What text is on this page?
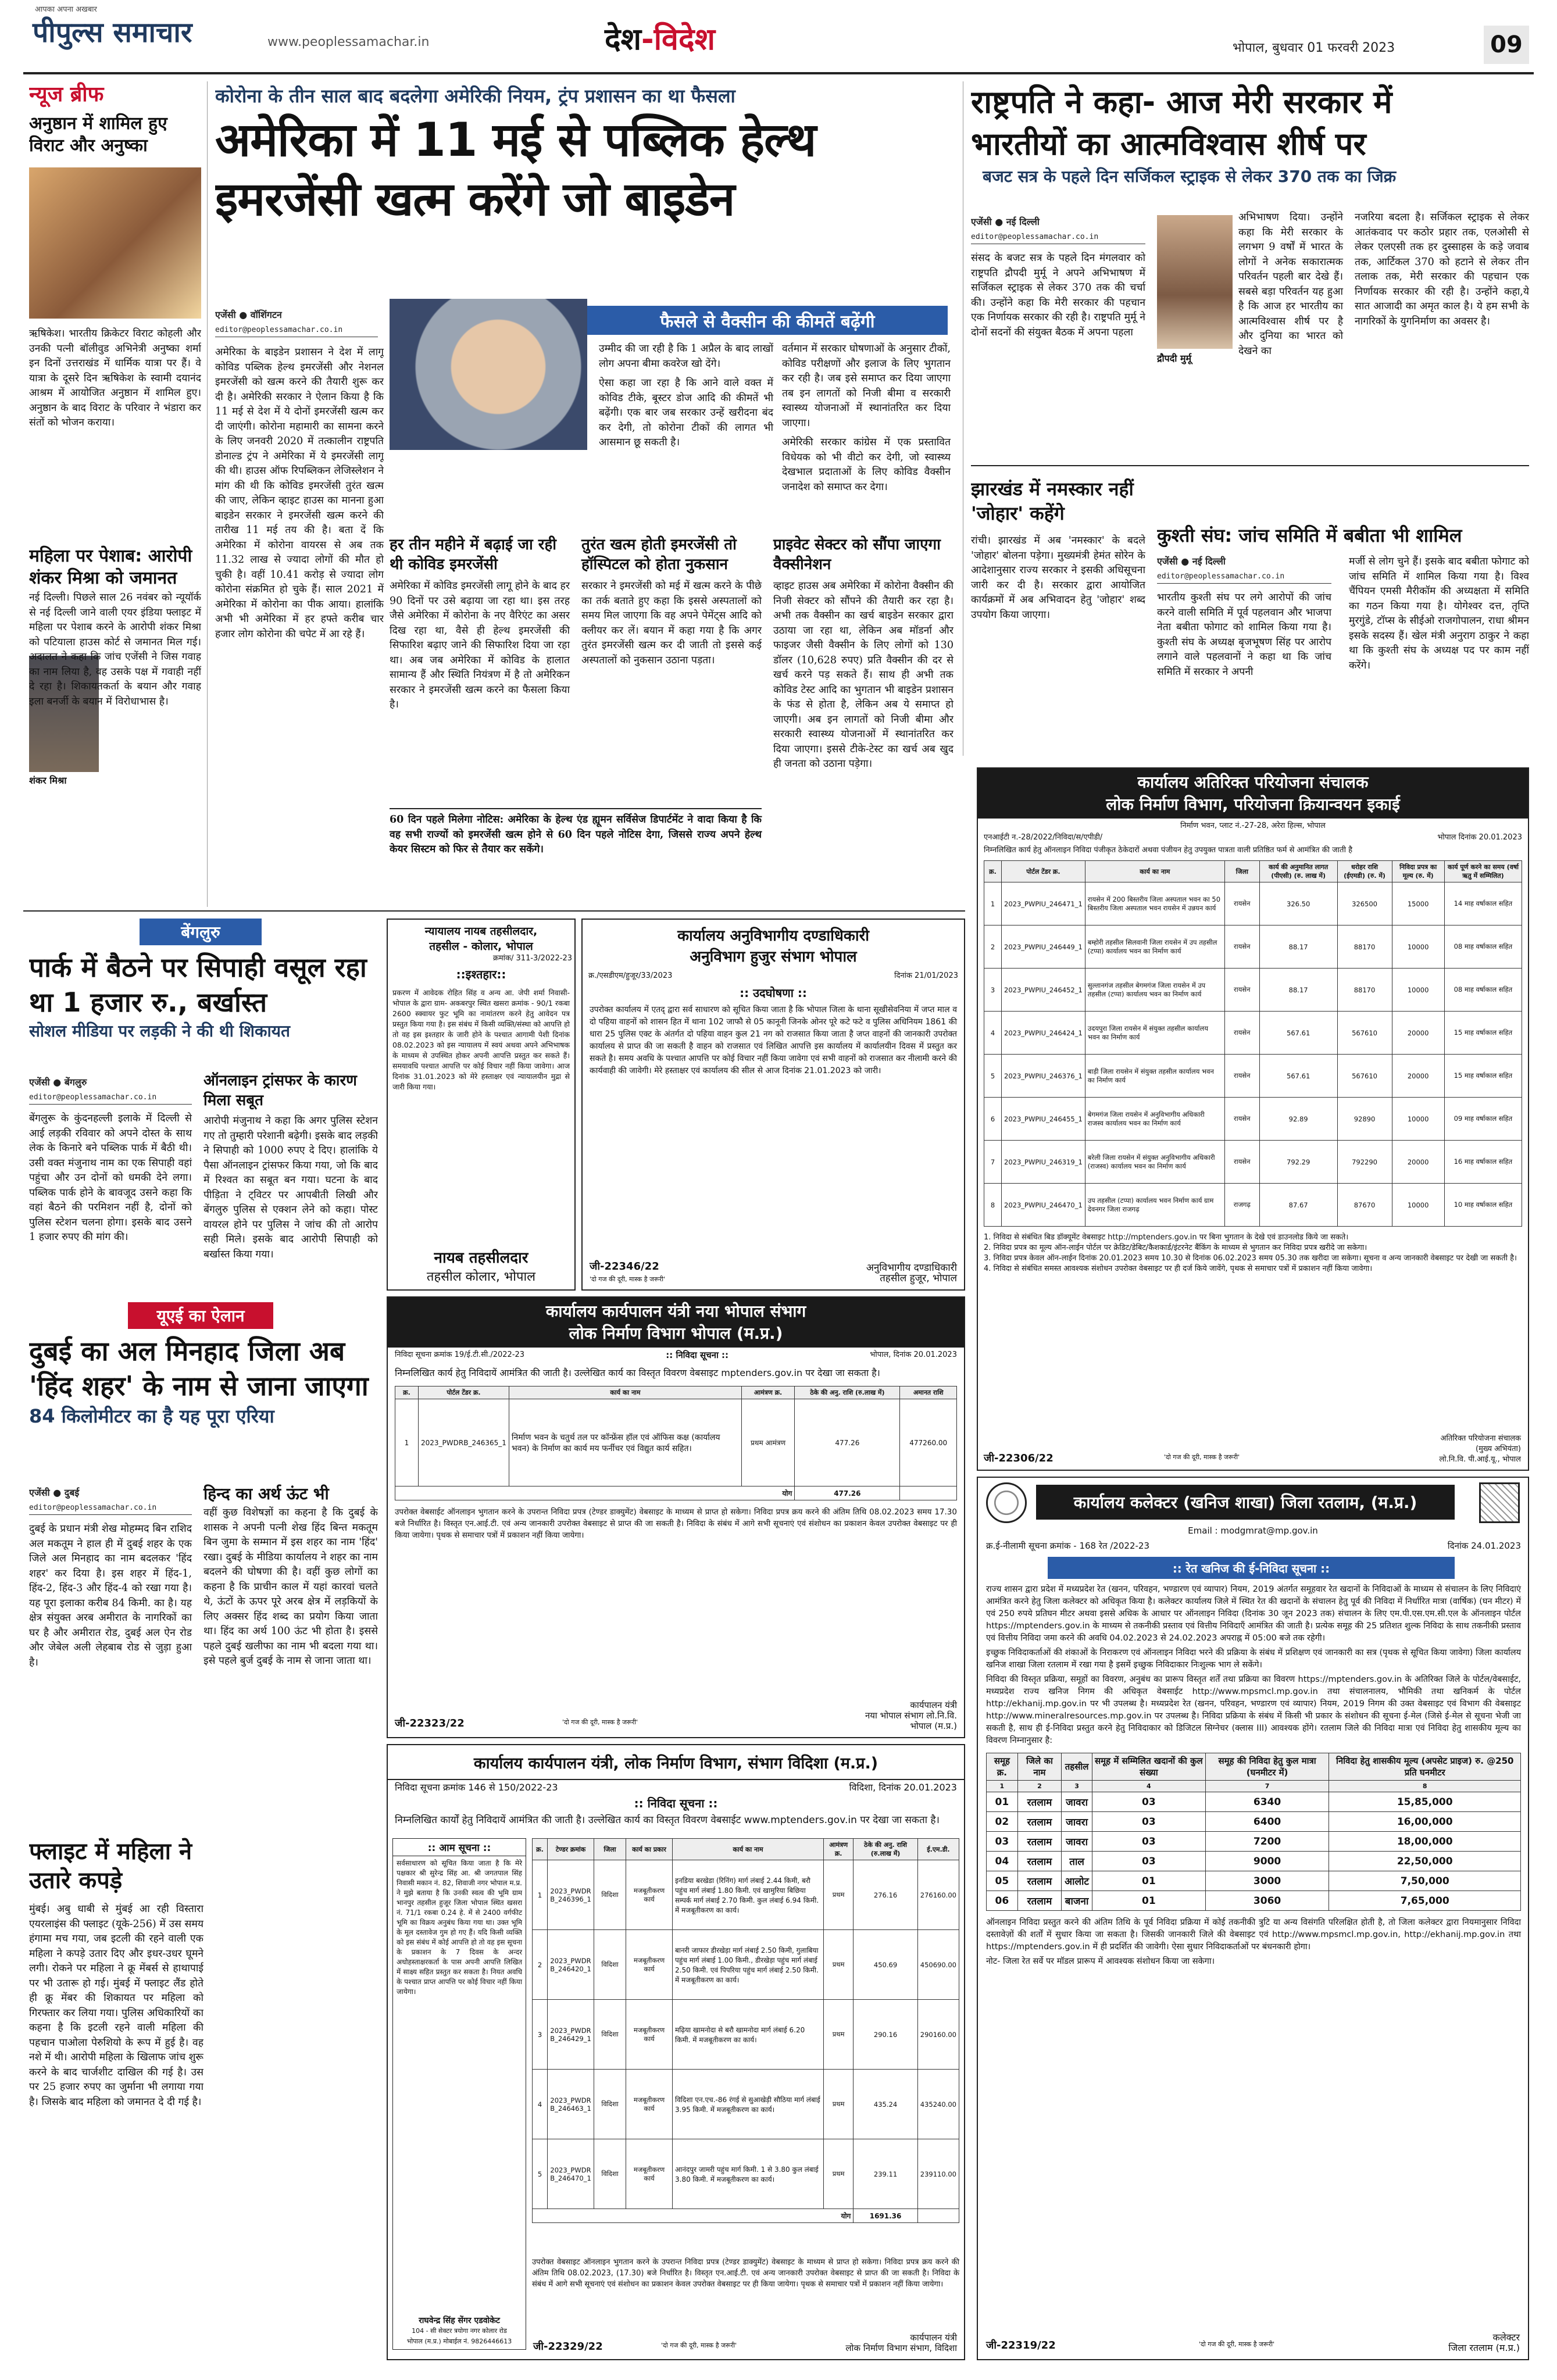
आपका अपना अखबार
पीपुल्स समाचार	www.peoplessamachar.in	देश-विदेश	भोपाल, बुधवार 01 फरवरी 2023	09
न्यूज ब्रीफ
अनुष्ठान में शामिल हुए विराट और अनुष्का

ऋषिकेश। भारतीय क्रिकेटर विराट कोहली और उनकी पत्नी बॉलीवुड अभिनेत्री अनुष्का शर्मा इन दिनों उत्तराखंड में धार्मिक यात्रा पर हैं। वे यात्रा के दूसरे दिन ऋषिकेश के स्वामी दयानंद आश्रम में आयोजित अनुष्ठान में शामिल हुए। अनुष्ठान के बाद विराट के परिवार ने भंडारा कर संतों को भोजन कराया।

महिला पर पेशाब: आरोपी शंकर मिश्रा को जमानत
शंकर मिश्रा

नई दिल्ली। पिछले साल 26 नवंबर को न्यूयॉर्क से नई दिल्ली जाने वाली एयर इंडिया फ्लाइट में महिला पर पेशाब करने के आरोपी शंकर मिश्रा को पटियाला हाउस कोर्ट से जमानत मिल गई। अदालत ने कहा कि जांच एजेंसी ने जिस गवाह का नाम लिया है, वह उसके पक्ष में गवाही नहीं दे रहा है। शिकायतकर्ता के बयान और गवाह इला बनर्जी के बयान में विरोधाभास है।

कोरोना के तीन साल बाद बदलेगा अमेरिकी नियम, ट्रंप प्रशासन का था फैसला
अमेरिका में 11 मई से पब्लिक हेल्थ
इमरजेंसी खत्म करेंगे जो बाइडेन
एजेंसी ● वॉशिंगटन
editor@peoplessamachar.co.in

अमेरिका के बाइडेन प्रशासन ने देश में लागू कोविड पब्लिक हेल्थ इमरजेंसी और नेशनल इमरजेंसी को खत्म करने की तैयारी शुरू कर दी है। अमेरिकी सरकार ने ऐलान किया है कि 11 मई से देश में ये दोनों इमरजेंसी खत्म कर दी जाएंगी। कोरोना महामारी का सामना करने के लिए जनवरी 2020 में तत्कालीन राष्ट्रपति डोनाल्ड ट्रंप ने अमेरिका में ये इमरजेंसी लागू की थी। हाउस ऑफ रिपब्लिकन लेजिस्लेशन ने मांग की थी कि कोविड इमरजेंसी तुरंत खत्म की जाए, लेकिन व्हाइट हाउस का मानना हुआ बाइडेन सरकार ने इमरजेंसी खत्म करने की तारीख 11 मई तय की है। बता दें कि अमेरिका में कोरोना वायरस से अब तक 11.32 लाख से ज्यादा लोगों की मौत हो चुकी है। वहीं 10.41 करोड़ से ज्यादा लोग कोरोना संक्रमित हो चुके हैं। साल 2021 में अमेरिका में कोरोना का पीक आया। हालांकि अभी भी अमेरिका में हर हफ्ते करीब चार हजार लोग कोरोना की चपेट में आ रहे हैं।

फैसले से वैक्सीन की कीमतें बढ़ेंगी
उम्मीद की जा रही है कि 1 अप्रैल के बाद लाखों लोग अपना बीमा कवरेज खो देंगे।
ऐसा कहा जा रहा है कि आने वाले वक्त में कोविड टीके, बूस्टर डोज आदि की कीमतें भी बढ़ेंगी। एक बार जब सरकार उन्हें खरीदना बंद कर देगी, तो कोरोना टीकों की लागत भी आसमान छू सकती है।
वर्तमान में सरकार घोषणाओं के अनुसार टीकों, कोविड परीक्षणों और इलाज के लिए भुगतान कर रही है। जब इसे समाप्त कर दिया जाएगा तब इन लागतों को निजी बीमा व सरकारी स्वास्थ्य योजनाओं में स्थानांतरित कर दिया जाएगा।
अमेरिकी सरकार कांग्रेस में एक प्रस्तावित विधेयक को भी वीटो कर देगी, जो स्वास्थ्य देखभाल प्रदाताओं के लिए कोविड वैक्सीन जनादेश को समाप्त कर देगा।
हर तीन महीने में बढ़ाई जा रही थी कोविड इमरजेंसी

अमेरिका में कोविड इमरजेंसी लागू होने के बाद हर 90 दिनों पर उसे बढ़ाया जा रहा था। इस तरह जैसे अमेरिका में कोरोना के नए वैरिएंट का असर दिख रहा था, वैसे ही हेल्थ इमरजेंसी की सिफारिश बढ़ाए जाने की सिफारिश दिया जा रहा था। अब जब अमेरिका में कोविड के हालात सामान्य हैं और स्थिति नियंत्रण में है तो अमेरिकन सरकार ने इमरजेंसी खत्म करने का फैसला किया है।

तुरंत खत्म होती इमरजेंसी तो हॉस्पिटल को होता नुकसान

सरकार ने इमरजेंसी को मई में खत्म करने के पीछे का तर्क बताते हुए कहा कि इससे अस्पतालों को समय मिल जाएगा कि वह अपने पेमेंट्स आदि को क्लीयर कर लें। बयान में कहा गया है कि अगर तुरंत इमरजेंसी खत्म कर दी जाती तो इससे कई अस्पतालों को नुकसान उठाना पड़ता।

प्राइवेट सेक्टर को सौंपा जाएगा वैक्सीनेशन

व्हाइट हाउस अब अमेरिका में कोरोना वैक्सीन की निजी सेक्टर को सौंपने की तैयारी कर रहा है। अभी तक वैक्सीन का खर्च बाइडेन सरकार द्वारा उठाया जा रहा था, लेकिन अब मॉडर्ना और फाइजर जैसी वैक्सीन के लिए लोगों को 130 डॉलर (10,628 रुपए) प्रति वैक्सीन की दर से खर्च करने पड़ सकते हैं। साथ ही अभी तक कोविड टेस्ट आदि का भुगतान भी बाइडेन प्रशासन के फंड से होता है, लेकिन अब ये समाप्त हो जाएगी। अब इन लागतों को निजी बीमा और सरकारी स्वास्थ्य योजनाओं में स्थानांतरित कर दिया जाएगा। इससे टीके-टेस्ट का खर्च अब खुद ही जनता को उठाना पड़ेगा।

60 दिन पहले मिलेगा नोटिस: अमेरिका के हेल्थ एंड ह्यूमन सर्विसेज डिपार्टमेंट ने वादा किया है कि वह सभी राज्यों को इमरजेंसी खत्म होने से 60 दिन पहले नोटिस देगा, जिससे राज्य अपने हेल्थ केयर सिस्टम को फिर से तैयार कर सकेंगे।
राष्ट्रपति ने कहा- आज मेरी सरकार में
भारतीयों का आत्मविश्वास शीर्ष पर
बजट सत्र के पहले दिन सर्जिकल स्ट्राइक से लेकर 370 तक का जिक्र
एजेंसी ● नई दिल्ली
editor@peoplessamachar.co.in

संसद के बजट सत्र के पहले दिन मंगलवार को राष्ट्रपति द्रौपदी मुर्मू ने अपने अभिभाषण में सर्जिकल स्ट्राइक से लेकर 370 तक की चर्चा की। उन्होंने कहा कि मेरी सरकार की पहचान एक निर्णायक सरकार की रही है। राष्ट्रपति मुर्मू ने दोनों सदनों की संयुक्त बैठक में अपना पहला

द्रौपदी मुर्मू

अभिभाषण दिया। उन्होंने कहा कि मेरी सरकार के लगभग 9 वर्षों में भारत के लोगों ने अनेक सकारात्मक परिवर्तन पहली बार देखे हैं। सबसे बड़ा परिवर्तन यह हुआ है कि आज हर भारतीय का आत्मविश्वास शीर्ष पर है और दुनिया का भारत को देखने का

नजरिया बदला है। सर्जिकल स्ट्राइक से लेकर आतंकवाद पर कठोर प्रहार तक, एलओसी से लेकर एलएसी तक हर दुस्साहस के कड़े जवाब तक, आर्टिकल 370 को हटाने से लेकर तीन तलाक तक, मेरी सरकार की पहचान एक निर्णायक सरकार की रही है। उन्होंने कहा,ये सात आजादी का अमृत काल है। ये हम सभी के नागरिकों के युगनिर्माण का अवसर है।

झारखंड में नमस्कार नहीं 'जोहार' कहेंगे

रांची। झारखंड में अब 'नमस्कार' के बदले 'जोहार' बोलना पड़ेगा। मुख्यमंत्री हेमंत सोरेन के आदेशानुसार राज्य सरकार ने इसकी अधिसूचना जारी कर दी है। सरकार द्वारा आयोजित कार्यक्रमों में अब अभिवादन हेतु 'जोहार' शब्द उपयोग किया जाएगा।

कुश्ती संघ: जांच समिति में बबीता भी शामिल
एजेंसी ● नई दिल्ली
editor@peoplessamachar.co.in

भारतीय कुश्ती संघ पर लगे आरोपों की जांच करने वाली समिति में पूर्व पहलवान और भाजपा नेता बबीता फोगाट को शामिल किया गया है। कुश्ती संघ के अध्यक्ष बृजभूषण सिंह पर आरोप लगाने वाले पहलवानों ने कहा था कि जांच समिति में सरकार ने अपनी

मर्जी से लोग चुने हैं। इसके बाद बबीता फोगाट को जांच समिति में शामिल किया गया है। विश्व चैंपियन एमसी मैरीकॉम की अध्यक्षता में समिति का गठन किया गया है। योगेश्वर दत्त, तृप्ति मुरगुंडे, टॉप्स के सीईओ राजगोपालन, राधा श्रीमन इसके सदस्य हैं। खेल मंत्री अनुराग ठाकुर ने कहा था कि कुश्ती संघ के अध्यक्ष पद पर काम नहीं करेंगे।

कार्यालय अतिरिक्त परियोजना संचालक
लोक निर्माण विभाग, परियोजना क्रियान्वयन इकाई
निर्माण भवन, प्लाट नं.-27-28, अरेरा हिल्स, भोपाल
एनआईटी न.-28/2022/निविदा/स/एपीडी/	भोपाल दिनांक 20.01.2023
निम्नलिखित कार्य हेतु ऑनलाइन निविदा पंजीकृत ठेकेदारों अथवा पंजीयन हेतु उपयुक्त पात्रता वाली प्रतिष्ठित फर्म से आमंत्रित की जाती है
क्र.	पोर्टल टेंडर क्र.	कार्य का नाम	जिला	कार्य की अनुमानित लागत (पीएसी) (रु. लाख में)	धरोहर राशि (ईएमडी) (रु. में)	निविदा प्रपत्र का मूल्य (रु. में)	कार्य पूर्ण करने का समय (वर्षा ऋतु में सम्मिलित)
1	2023_PWPIU_246471_1	रायसेन में 200 बिस्तरीय जिला अस्पताल भवन का 50 बिस्तरीय जिला अस्पताल भवन रायसेन में उन्नयन कार्य	रायसेन	326.50	326500	15000	14 माह वर्षाकाल सहित
2	2023_PWPIU_246449_1	बम्होरी तहसील सिलवानी जिला रायसेन में उप तहसील (टप्पा) कार्यालय भवन का निर्माण कार्य	रायसेन	88.17	88170	10000	08 माह वर्षाकाल सहित
3	2023_PWPIU_246452_1	सुल्तानगंज तहसील बेगमगंज जिला रायसेन में उप तहसील (टप्पा) कार्यालय भवन का निर्माण कार्य	रायसेन	88.17	88170	10000	08 माह वर्षाकाल सहित
4	2023_PWPIU_246424_1	उदयपुरा जिला रायसेन में संयुक्त तहसील कार्यालय भवन का निर्माण कार्य	रायसेन	567.61	567610	20000	15 माह वर्षाकाल सहित
5	2023_PWPIU_246376_1	बाड़ी जिला रायसेन में संयुक्त तहसील कार्यालय भवन का निर्माण कार्य	रायसेन	567.61	567610	20000	15 माह वर्षाकाल सहित
6	2023_PWPIU_246455_1	बेगमगंज जिला रायसेन में अनुविभागीय अधिकारी राजस्व कार्यालय भवन का निर्माण कार्य	रायसेन	92.89	92890	10000	09 माह वर्षाकाल सहित
7	2023_PWPIU_246319_1	बरेली जिला रायसेन में संयुक्त अनुविभागीय अधिकारी (राजस्व) कार्यालय भवन का निर्माण कार्य	रायसेन	792.29	792290	20000	16 माह वर्षाकाल सहित
8	2023_PWPIU_246470_1	उप तहसील (टप्पा) कार्यालय भवन निर्माण कार्य ग्राम देवनगर जिला राजगढ़	राजगढ़	87.67	87670	10000	10 माह वर्षाकाल सहित
1. निविदा से संबंधित बिड डॉक्यूमेंट वेबसाइट http://mptenders.gov.in पर बिना भुगतान के देखे एवं डाउनलोड किये जा सकते।
2. निविदा प्रपत्र का मूल्य ऑन-लाईन पोर्टल पर क्रेडिट/डेबिट/कैशकार्ड/इंटरनेट बैंकिंग के माध्यम से भुगतान कर निविदा प्रपत्र खरीदे जा सकेगा।
3. निविदा प्रपत्र केवल ऑन-लाईन दिनांक 20.01.2023 समय 10.30 से दिनांक 06.02.2023 समय 05.30 तक खरीदा जा सकेगा। सूचना व अन्य जानकारी वेबसाइट पर देखी जा सकती है।
4. निविदा से संबंधित समस्त आवश्यक संशोधन उपरोक्त वेबसाइट पर ही दर्ज किये जावेंगे, पृथक से समाचार पत्रों में प्रकाशन नहीं किया जावेगा।
जी-22306/22	'दो गज की दूरी, मास्क है जरूरी'
अतिरिक्त परियोजना संचालक
(मुख्य अभियंता)
लो.नि.वि. पी.आई.यू., भोपाल
बेंगलुरु
पार्क में बैठने पर सिपाही वसूल रहा था 1 हजार रु., बर्खास्त
सोशल मीडिया पर लड़की ने की थी शिकायत
एजेंसी ● बेंगलुरु
editor@peoplessamachar.co.in

बेंगलुरू के कुंदनहल्ली इलाके में दिल्ली से आई लड़की रविवार को अपने दोस्त के साथ लेक के किनारे बने पब्लिक पार्क में बैठी थी। उसी वक्त मंजुनाथ नाम का एक सिपाही वहां पहुंचा और उन दोनों को धमकी देने लगा। पब्लिक पार्क होने के बावजूद उसने कहा कि वहां बैठने की परमिशन नहीं है, दोनों को पुलिस स्टेशन चलना होगा। इसके बाद उसने 1 हजार रुपए की मांग की।

ऑनलाइन ट्रांसफर के कारण मिला सबूत

आरोपी मंजुनाथ ने कहा कि अगर पुलिस स्टेशन गए तो तुम्हारी परेशानी बढ़ेगी। इसके बाद लड़की ने सिपाही को 1000 रुपए दे दिए। हालांकि ये पैसा ऑनलाइन ट्रांसफर किया गया, जो कि बाद में रिश्वत का सबूत बन गया। घटना के बाद पीड़िता ने ट्विटर पर आपबीती लिखी और बेंगलुरु पुलिस से एक्शन लेने को कहा। पोस्ट वायरल होने पर पुलिस ने जांच की तो आरोप सही मिले। इसके बाद आरोपी सिपाही को बर्खास्त किया गया।

यूएई का ऐलान
दुबई का अल मिनहाद जिला अब 'हिंद शहर' के नाम से जाना जाएगा
84 किलोमीटर का है यह पूरा एरिया
एजेंसी ● दुबई
editor@peoplessamachar.co.in

दुबई के प्रधान मंत्री शेख मोहम्मद बिन राशिद अल मकतूम ने हाल ही में दुबई शहर के एक जिले अल मिनहाद का नाम बदलकर 'हिंद शहर' कर दिया है। इस शहर में हिंद-1, हिंद-2, हिंद-3 और हिंद-4 को रखा गया है। यह पूरा इलाका करीब 84 किमी. का है। यह क्षेत्र संयुक्त अरब अमीरात के नागरिकों का घर है और अमीरात रोड, दुबई अल ऐन रोड और जेबेल अली लेहबाब रोड से जुड़ा हुआ है।

हिन्द का अर्थ ऊंट भी

वहीं कुछ विशेषज्ञों का कहना है कि दुबई के शासक ने अपनी पत्नी शेख हिंद बिन्त मकतूम बिन जुमा के सम्मान में इस शहर का नाम 'हिंद' रखा। दुबई के मीडिया कार्यालय ने शहर का नाम बदलने की घोषणा की है। वहीं कुछ लोगों का कहना है कि प्राचीन काल में यहां कारवां चलते थे, ऊंटों के ऊपर पूरे अरब क्षेत्र में लड़कियों के लिए अक्सर हिंद शब्द का प्रयोग किया जाता था। हिंद का अर्थ 100 ऊंट भी होता है। इससे पहले दुबई खलीफा का नाम भी बदला गया था। इसे पहले बुर्ज दुबई के नाम से जाना जाता था।

फ्लाइट में महिला ने उतारे कपड़े

मुंबई। अबु धाबी से मुंबई आ रही विस्तारा एयरलाइंस की फ्लाइट (यूके-256) में उस समय हंगामा मच गया, जब इटली की रहने वाली एक महिला ने कपड़े उतार दिए और इधर-उधर घूमने लगी। रोकने पर महिला ने क्रू मेंबर्स से हाथापाई पर भी उतारू हो गई। मुंबई में फ्लाइट लैंड होते ही क्रू मेंबर की शिकायत पर महिला को गिरफ्तार कर लिया गया। पुलिस अधिकारियों का कहना है कि इटली रहने वाली महिला की पहचान पाओला पेरुशियो के रूप में हुई है। वह नशे में थी। आरोपी महिला के खिलाफ जांच शुरू करने के बाद चार्जशीट दाखिल की गई है। उस पर 25 हजार रुपए का जुर्माना भी लगाया गया है। जिसके बाद महिला को जमानत दे दी गई है।

न्यायालय नायब तहसीलदार,
तहसील - कोलार, भोपाल
क्रमांक/ 311-3/2022-23
::इश्तहार::

प्रकरण में आवेदक रोहित सिंह व अन्य आ. जेपी शर्मा निवासी-भोपाल के द्वारा ग्राम- अकबरपुर स्थित खसरा क्रमांक - 90/1 रकबा 2600 स्क्वायर फुट भूमि का नामांतरण करने हेतु आवेदन पत्र प्रस्तुत किया गया है। इस संबंध में किसी व्यक्ति/संस्था को आपत्ति हो तो वह इस इश्तहार के जारी होने के पश्चात आगामी पेशी दिनांक 08.02.2023 को इस न्यायालय में स्वयं अथवा अपने अभिभाषक के माध्यम से उपस्थित होकर अपनी आपत्ति प्रस्तुत कर सकते हैं। समयावधि पश्चात आपत्ति पर कोई विचार नहीं किया जावेगा। आज दिनांक 31.01.2023 को मेरे हस्ताक्षर एवं न्यायालयीन मुद्रा से जारी किया गया।

नायब तहसीलदार
तहसील कोलार, भोपाल
कार्यालय अनुविभागीय दण्डाधिकारी
अनुविभाग हुजुर संभाग भोपाल
क्र./एसडीएम/हुजूर/33/2023	दिनांक 21/01/2023
:: उदघोषणा ::

उपरोक्त कार्यालय में एतद् द्वारा सर्व साधारण को सूचित किया जाता है कि भोपाल जिला के थाना सूखीसेवनिया में जप्त माल व दो पहिया वाहनों को शासन हित में थाना 102 जाफौ से 05 कानूनी जिनके ओनर पूरे कटे फटे व पुलिस अधिनियम 1861 की धारा 25 पुलिस एक्ट के अंतर्गत दो पहिया वाहन कुल 21 नग को राजसात किया जाता है जप्त वाहनों की जानकारी उपरोक्त कार्यालय से प्राप्त की जा सकती है वाहन को राजसात एवं लिखित आपत्ति इस कार्यालय में कार्यालयीन दिवस में प्रस्तुत कर सकते है। समय अवधि के पश्चात आपत्ति पर कोई विचार नहीं किया जावेगा एवं सभी वाहनों को राजसात कर नीलामी करने की कार्यवाही की जावेगी। मेरे हस्ताक्षर एवं कार्यालय की सील से आज दिनांक 21.01.2023 को जारी।

जी-22346/22
'दो गज की दूरी, मास्क है जरूरी'
अनुविभागीय दण्डाधिकारी
तहसील हुजूर, भोपाल
कार्यालय कार्यपालन यंत्री नया भोपाल संभाग
लोक निर्माण विभाग भोपाल (म.प्र.)
निविदा सूचना क्रमांक 19/ई.टी.सी./2022-23	:: निविदा सूचना ::	भोपाल, दिनांक 20.01.2023

निम्नलिखित कार्य हेतु निविदायें आमंत्रित की जाती है। उल्लेखित कार्य का विस्तृत विवरण वेबसाइट mptenders.gov.in पर देखा जा सकता है।

क्र.	पोर्टल टेंडर क्र.	कार्य का नाम	आमंत्रण क्र.	ठेके की अनु. राशि (रु.लाख में)	अमानत राशि
1	2023_PWDRB_246365_1	निर्माण भवन के चतुर्थ तल पर कॉन्फ्रेंस हॉल एवं ऑफिस कक्ष (कार्यालय भवन) के निर्माण का कार्य मय फर्नीचर एवं विद्युत कार्य सहित।	प्रथम आमंत्रण	477.26	477260.00
योग				477.26	

उपरोक्त वेबसाईट ऑनलाइन भुगतान करने के उपरान्त निविदा प्रपत्र (टेण्डर डाक्युमेंट) वेबसाइट के माध्यम से प्राप्त हो सकेगा। निविदा प्रपत्र क्रय करने की अंतिम तिथि 08.02.2023 समय 17.30 बजे निर्धारित है। विस्तृत एन.आई.टी. एवं अन्य जानकारी उपरोक्त वेबसाइट से प्राप्त की जा सकती है। निविदा के संबंध में आगे सभी सूचनाएं एवं संशोधन का प्रकाशन केवल उपरोक्त वेबसाइट पर ही किया जायेगा। पृथक से समाचार पत्रों में प्रकाशन नहीं किया जायेगा।

जी-22323/22	'दो गज की दूरी, मास्क है जरूरी'
कार्यपालन यंत्री
नया भोपाल संभाग लो.नि.वि.
भोपाल (म.प्र.)
कार्यालय कार्यपालन यंत्री, लोक निर्माण विभाग, संभाग विदिशा (म.प्र.)
निविदा सूचना क्रमांक 146 से 150/2022-23	विदिशा, दिनांक 20.01.2023
:: निविदा सूचना ::

निम्नलिखित कार्यों हेतु निविदायें आमंत्रित की जाती है। उल्लेखित कार्य का विस्तृत विवरण वेबसाईट www.mptenders.gov.in पर देखा जा सकता है।

:: आम सूचना ::

सर्वसाधारण को सूचित किया जाता है कि मेरे पक्षकार श्री सुरेन्द्र सिंह आ. श्री जगतपाल सिंह निवासी मकान नं. 82, शिवाजी नगर भोपाल म.प्र. ने मुझे बताया है कि उनकी स्वत्व की भूमि ग्राम भानपुर तहसील हुजूर जिला भोपाल स्थित खसरा नं. 71/1 रकबा 0.24 हे. में से 2400 वर्गफीट भूमि का विक्रय अनुबंध किया गया था। उक्त भूमि के मूल दस्तावेज गुम हो गए हैं। यदि किसी व्यक्ति को इस संबंध में कोई आपत्ति हो तो वह इस सूचना के प्रकाशन के 7 दिवस के अन्दर अधोहस्ताक्षरकर्ता के पास अपनी आपत्ति लिखित में साक्ष्य सहित प्रस्तुत कर सकता है। नियत अवधि के पश्चात प्राप्त आपत्ति पर कोई विचार नहीं किया जायेगा।

राघवेन्द्र सिंह सेंगर एडवोकेट
104 - सी सेक्टर त्रयोगा नगर कोलार रोड
भोपाल (म.प्र.) मोबाईल नं. 9826446613
क्र.	टेण्डर क्रमांक	जिला	कार्य का प्रकार	कार्य का नाम	आमंत्रण क्र.	ठेके की अनु. राशि (रु.लाख में)	ई.एम.डी.
1	2023_PWDR B_246396_1	विदिशा	मजबूतीकरण कार्य	इनडिया बरखेडा (रिनिंग) मार्ग लंबाई 2.44 किमी, बरौ पहुंच मार्ग लंबाई 1.80 किमी. एवं खामुरिया बिछिया सम्पर्क मार्ग लंबाई 2.70 किमी. कुल लंबाई 6.94 किमी. में मजबूतीकरण का कार्य।	प्रथम	276.16	276160.00
2	2023_PWDR B_246420_1	विदिशा	मजबूतीकरण कार्य	बानरी जाफार डीरखेड़ा मार्ग लंबाई 2.50 किमी, गुलाबिया पहुंच मार्ग लंबाई 1.00 किमी., डीरखेड़ा पहुंच मार्ग लंबाई 2.50 किमी. एवं पिपरिया पहुंच मार्ग लंबाई 2.50 किमी. में मजबूतीकरण का कार्य।	प्रथम	450.69	450690.00
3	2023_PWDR B_246429_1	विदिशा	मजबूतीकरण कार्य	मढ़िया खामनोदा से बरौ खामनोदा मार्ग लंबाई 6.20 किमी. में मजबूतीकरण का कार्य।	प्रथम	290.16	290160.00
4	2023_PWDR B_246463_1	विदिशा	मजबूतीकरण कार्य	विदिशा एन.एच.-86 रंगई से सुआखेड़ी सौठिया मार्ग लंबाई 3.95 किमी. में मजबूतीकरण का कार्य।	प्रथम	435.24	435240.00
5	2023_PWDR B_246470_1	विदिशा	मजबूतीकरण कार्य	आनंदपुर जामरी पहुंच मार्ग किमी. 1 से 3.80 कुल लंबाई 3.80 किमी. में मजबूतीकरण का कार्य।	प्रथम	239.11	239110.00
योग						1691.36	

उपरोक्त वेबसाइट ऑनलाइन भुगतान करने के उपरान्त निविदा प्रपत्र (टेण्डर डाक्युमेंट) वेबसाइट के माध्यम से प्राप्त हो सकेगा। निविदा प्रपत्र क्रय करने की अंतिम तिथि 08.02.2023, (17.30) बजे निर्धारित है। विस्तृत एन.आई.टी. एवं अन्य जानकारी उपरोक्त वेबसाइट से प्राप्त की जा सकती है। निविदा के संबंध में आगे सभी सूचनाएं एवं संशोधन का प्रकाशन केवल उपरोक्त वेबसाइट पर ही किया जायेगा। पृथक से समाचार पत्रों में प्रकाशन नहीं किया जायेगा।

जी-22329/22	'दो गज की दूरी, मास्क है जरूरी'
कार्यपालन यंत्री
लोक निर्माण विभाग संभाग, विदिशा
कार्यालय कलेक्टर (खनिज शाखा) जिला रतलाम, (म.प्र.)
Email : modgmrat@mp.gov.in
क्र.ई-नीलामी सूचना क्रमांक - 168 रेत /2022-23	दिनांक 24.01.2023
:: रेत खनिज की ई-निविदा सूचना ::

राज्य शासन द्वारा प्रदेश में मध्यप्रदेश रेत (खनन, परिवहन, भण्डारण एवं व्यापार) नियम, 2019 अंतर्गत समूहवार रेत खदानों के निविदाओं के माध्यम से संचालन के लिए निविदाएं आमंत्रित करने हेतु जिला कलेक्टर को अधिकृत किया है। कलेक्टर कार्यालय जिले में स्थित रेत की खदानों के संचालन हेतु पूर्व की निविदा में निर्धारित मात्रा (वार्षिक) (घन मीटर) में एवं 250 रुपये प्रतिघन मीटर अथवा इससे अधिक के आधार पर ऑनलाइन निविदा (दिनांक 30 जून 2023 तक) संचालन के लिए एम.पी.एस.एम.सी.एल के ऑनलाइन पोर्टल https://mptenders.gov.in के माध्यम से तकनीकी प्रस्ताव एवं वित्तीय निविदाएँ आमंत्रित की जाती है। प्रत्येक समूह की 25 प्रतिशत शुल्क निविदा के साथ तकनीकी प्रस्ताव एवं वित्तीय निविदा जमा करने की अवधि 04.02.2023 से 24.02.2023 अपराह्न में 05:00 बजे तक रहेगी।

इच्छुक निविदाकर्ताओं की शंकाओं के निराकरण एवं ऑनलाइन निविदा भरने की प्रक्रिया के संबंध में प्रशिक्षण एवं जानकारी का सत्र (पृथक से सूचित किया जावेगा) जिला कार्यालय खनिज शाखा जिला रतलाम में रखा गया है इसमें इच्छुक निविदाकार निःशुल्क भाग ले सकेंगे।

निविदा की विस्तृत प्रक्रिया, समूहों का विवरण, अनुबंध का प्रारूप विस्तृत शर्तें तथा प्रक्रिया का विवरण https://mptenders.gov.in के अतिरिक्त जिले के पोर्टल/वेबसाईट, मध्यप्रदेश राज्य खनिज निगम की अधिकृत वेबसाईट http://www.mpsmcl.mp.gov.in तथा संचालनालय, भौमिकी तथा खनिकर्म के पोर्टल http://ekhanij.mp.gov.in पर भी उपलब्ध है। मध्यप्रदेश रेत (खनन, परिवहन, भण्डारण एवं व्यापार) नियम, 2019 निगम की उक्त वेबसाइट एवं विभाग की वेबसाइट http://www.mineralresources.mp.gov.in पर उपलब्ध है। निविदा प्रक्रिया के संबंध में किसी भी प्रकार के संशोधन की सूचना ई-मेल (जिसे ई-मेल से सूचना भेजी जा सकती है, साथ ही ई-निविदा प्रस्तुत करने हेतु निविदाकार को डिजिटल सिग्नेचर (क्लास III) आवश्यक होंगे। रतलाम जिले की निविदा मात्रा एवं निविदा हेतु शासकीय मूल्य का विवरण निम्नानुसार है:

समूह क्र.	जिले का नाम	तहसील	समूह में सम्मिलित खदानों की कुल संख्या	समूह की निविदा हेतु कुल मात्रा (घनमीटर में)	निविदा हेतु शासकीय मूल्य (अपसेट प्राइज) रु. @250 प्रति घनमीटर
1	2	3	4	7	8
01	रतलाम	जावरा	03	6340	15,85,000
02	रतलाम	जावरा	03	6400	16,00,000
03	रतलाम	जावरा	03	7200	18,00,000
04	रतलाम	ताल	03	9000	22,50,000
05	रतलाम	आलोट	01	3000	7,50,000
06	रतलाम	बाजना	01	3060	7,65,000

ऑनलाइन निविदा प्रस्तुत करने की अंतिम तिथि के पूर्व निविदा प्रक्रिया में कोई तकनीकी त्रुटि या अन्य विसंगति परिलक्षित होती है, तो जिला कलेक्टर द्वारा नियमानुसार निविदा दस्तावेज़ों की शर्तों में सुधार किया जा सकता है। जिसकी जानकारी जिले की वेबसाइट एवं http://www.mpsmcl.mp.gov.in, http://ekhanij.mp.gov.in तथा https://mptenders.gov.in में ही प्रदर्शित की जावेगी। ऐसा सुधार निविदाकर्ताओं पर बंधनकारी होगा।

नोट- जिला रेत सर्वे पर मॉडल प्रारूप में आवश्यक संशोधन किया जा सकेगा।

जी-22319/22	'दो गज की दूरी, मास्क है जरूरी'
कलेक्टर
जिला रतलाम (म.प्र.)
